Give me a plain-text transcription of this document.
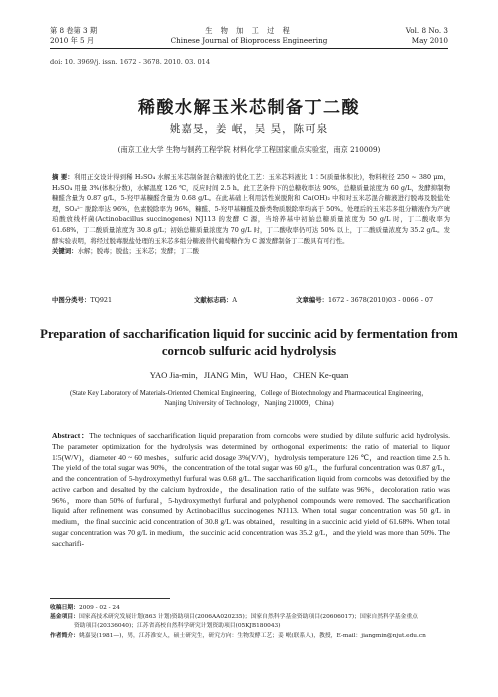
第 8 卷第 3 期
2010 年 5 月
生 物 加 工 过 程
Chinese Journal of Bioprocess Engineering
Vol. 8 No. 3
May 2010
doi: 10. 3969/j. issn. 1672 - 3678. 2010. 03. 014
稀酸水解玉米芯制备丁二酸
姚嘉旻，姜 岷，吴 昊，陈可泉
(南京工业大学 生物与制药工程学院 材料化学工程国家重点实验室，南京 210009)
摘 要：利用正交设计得到稀 H₂SO₄ 水解玉米芯制备混合糖液的优化工艺：玉米芯料液比 1∶5(质量体积比)，物料粒径 250 ~ 380 μm，H₂SO₄ 用量 3%(体积分数)，水解温度 126 ℃，反应时间 2.5 h。此工艺条件下的总糖收率达 90%，总糖质量浓度为 60 g/L，发酵抑制物糠醛含量为 0.87 g/L，5-羟甲基糠醛含量为 0.68 g/L。在此基础上利用活性炭脱附和 Ca(OH)₂ 中和对玉米芯混合糖液进行脱毒及脱盐处理，SO₄²⁻ 脱除率达 96%，色素脱除率为 96%，糠醛、5-羟甲基糠醛及酚类物质脱除率均高于 50%。处理后的玉米芯多组分糖液作为产琥珀酸放线杆菌(Actinobacillus succinogenes) NJ113 的发酵 C 源，当培养基中初始总糖质量浓度为 50 g/L 时，丁二酸收率为 61.68%，丁二酸质量浓度为 30.8 g/L；初始总糖质量浓度为 70 g/L 时，丁二酸收率仍可达 50% 以上，丁二酸质量浓度为 35.2 g/L。发酵实验表明，将经过脱毒脱盐处理的玉米芯多组分糖液替代葡萄糖作为 C 源发酵制备丁二酸具有可行性。
关键词：水解；脱毒；脱盐；玉米芯；发酵；丁二酸
中图分类号：TQ921	文献标志码：A	文章编号：1672 - 3678(2010)03 - 0066 - 07
Preparation of saccharification liquid for succinic acid by fermentation from corncob sulfuric acid hydrolysis
YAO Jia-min，JIANG Min，WU Hao，CHEN Ke-quan
(State Key Laboratory of Materials-Oriented Chemical Engineering，College of Biotechnology and Pharmaceutical Engineering，
Nanjing University of Technology，Nanjing 210009，China)
Abstract：The techniques of saccharification liquid preparation from corncobs were studied by dilute sulfuric acid hydrolysis. The parameter optimization for the hydrolysis was determined by orthogonal experiments: the ratio of material to liquor 1∶5(W/V)，diameter 40 ~ 60 meshes，sulfuric acid dosage 3%(V/V)，hydrolysis temperature 126 ℃，and reaction time 2.5 h. The yield of the total sugar was 90%，the concentration of the total sugar was 60 g/L，the furfural concentration was 0.87 g/L，and the concentration of 5-hydroxymethyl furfural was 0.68 g/L. The saccharification liquid from corncobs was detoxified by the active carbon and desalted by the calcium hydroxide，the desalination ratio of the sulfate was 96%，decoloration ratio was 96%，more than 50% of furfural，5-hydroxymethyl furfural and polyphenol compounds were removed. The saccharification liquid after refinement was consumed by Actinobacillus succinogenes NJ113. When total sugar concentration was 50 g/L in medium，the final succinic acid concentration of 30.8 g/L was obtained，resulting in a succinic acid yield of 61.68%. When total sugar concentration was 70 g/L in medium，the succinic acid concentration was 35.2 g/L，and the yield was more than 50%. The saccharifi-

收稿日期：2009 - 02 - 24

基金项目：国家高技术研究发展计划(863 计划)资助项目(2006AA020235)；国家自然科学基金资助项目(20606017)；国家自然科学基金重点

资助项目(20336040)；江苏省高校自然科学研究计划资助项目(05KJB180043)

作者简介：姚嘉旻(1981—)，男，江苏淮安人，硕士研究生，研究方向：生物发酵工艺；姜 岷(联系人)，教授，E-mail：jiangmin@njut.edu.cn
